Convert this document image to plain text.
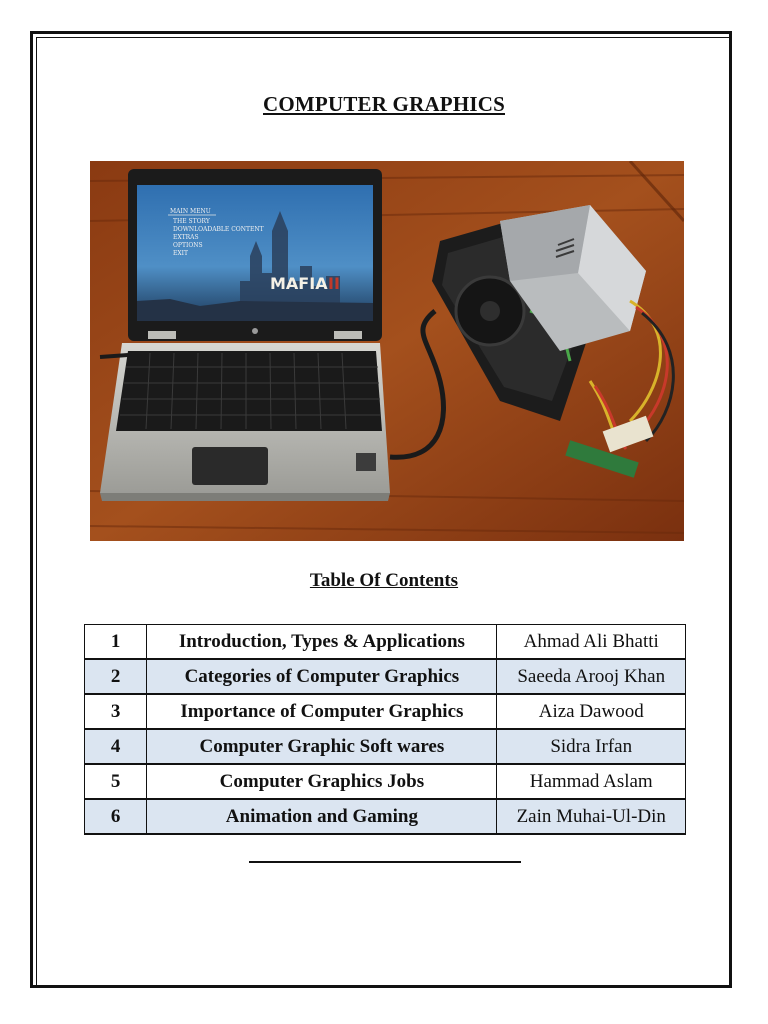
COMPUTER GRAPHICS
MAIN MENU
THE STORY
DOWNLOADABLE CONTENT
EXTRAS
OPTIONS
EXIT
MAFIA II
Table Of Contents
1	Introduction, Types & Applications	Ahmad Ali Bhatti
2	Categories of Computer Graphics	Saeeda Arooj Khan
3	Importance of Computer Graphics	Aiza Dawood
4	Computer Graphic Soft wares	Sidra Irfan
5	Computer Graphics Jobs	Hammad Aslam
6	Animation and Gaming	Zain Muhai-Ul-Din
